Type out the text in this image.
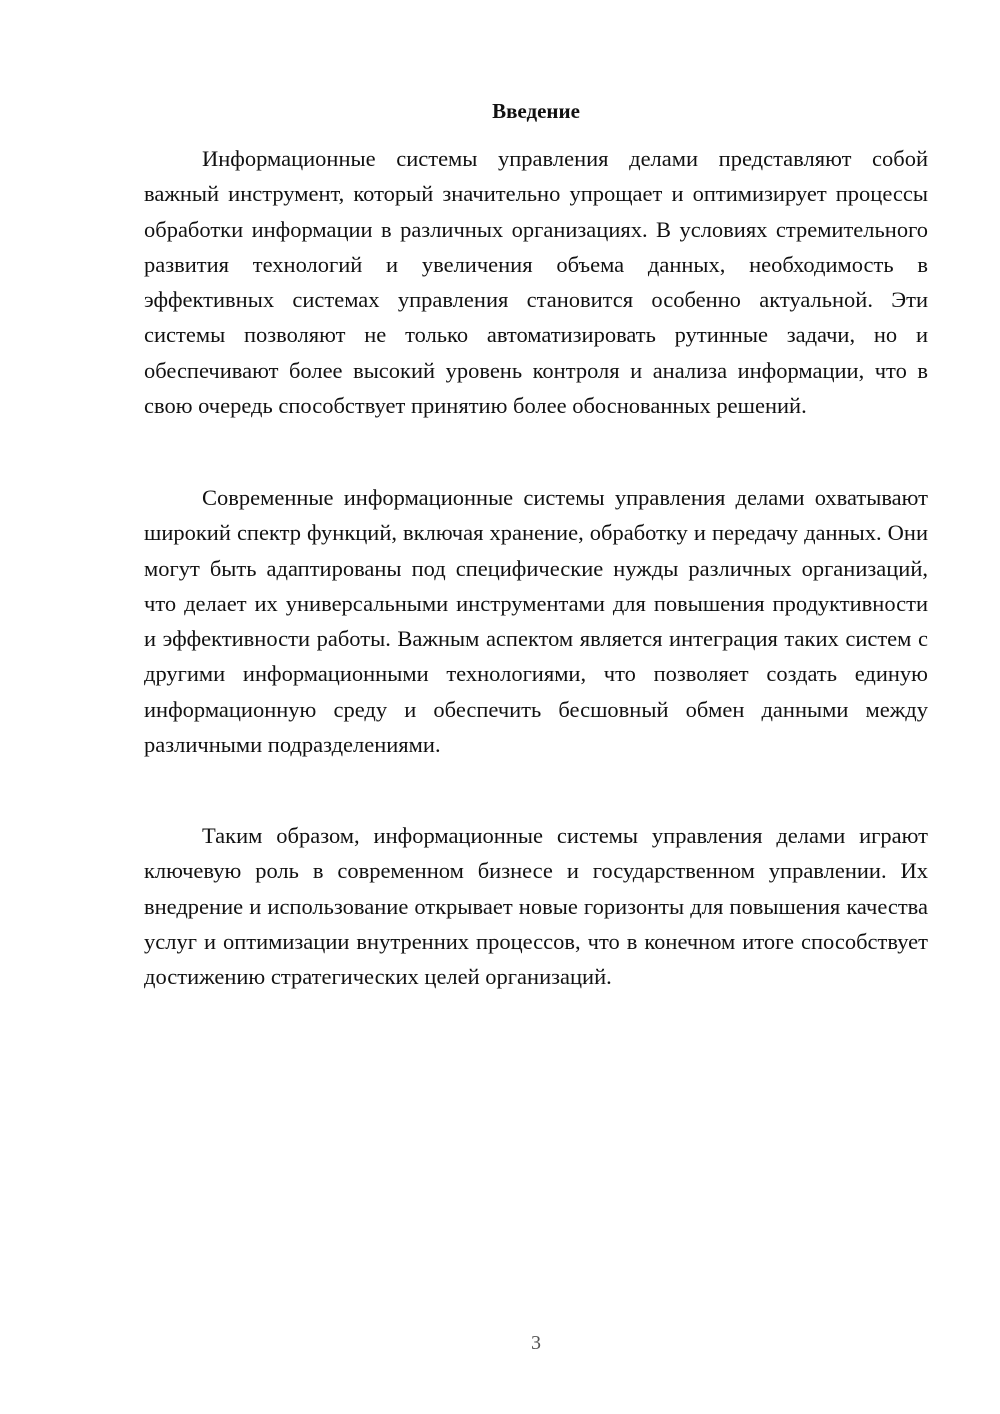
Введение

Информационные системы управления делами представляют собой важный инструмент, который значительно упрощает и оптимизирует процессы обработки информации в различных организациях. В условиях стремительного развития технологий и увеличения объема данных, необходимость в эффективных системах управления становится особенно актуальной. Эти системы позволяют не только автоматизировать рутинные задачи, но и обеспечивают более высокий уровень контроля и анализа информации, что в свою очередь способствует принятию более обоснованных решений.

Современные информационные системы управления делами охватывают широкий спектр функций, включая хранение, обработку и передачу данных. Они могут быть адаптированы под специфические нужды различных организаций, что делает их универсальными инструментами для повышения продуктивности и эффективности работы. Важным аспектом является интеграция таких систем с другими информационными технологиями, что позволяет создать единую информационную среду и обеспечить бесшовный обмен данными между различными подразделениями.

Таким образом, информационные системы управления делами играют ключевую роль в современном бизнесе и государственном управлении. Их внедрение и использование открывает новые горизонты для повышения качества услуг и оптимизации внутренних процессов, что в конечном итоге способствует достижению стратегических целей организаций.

3
